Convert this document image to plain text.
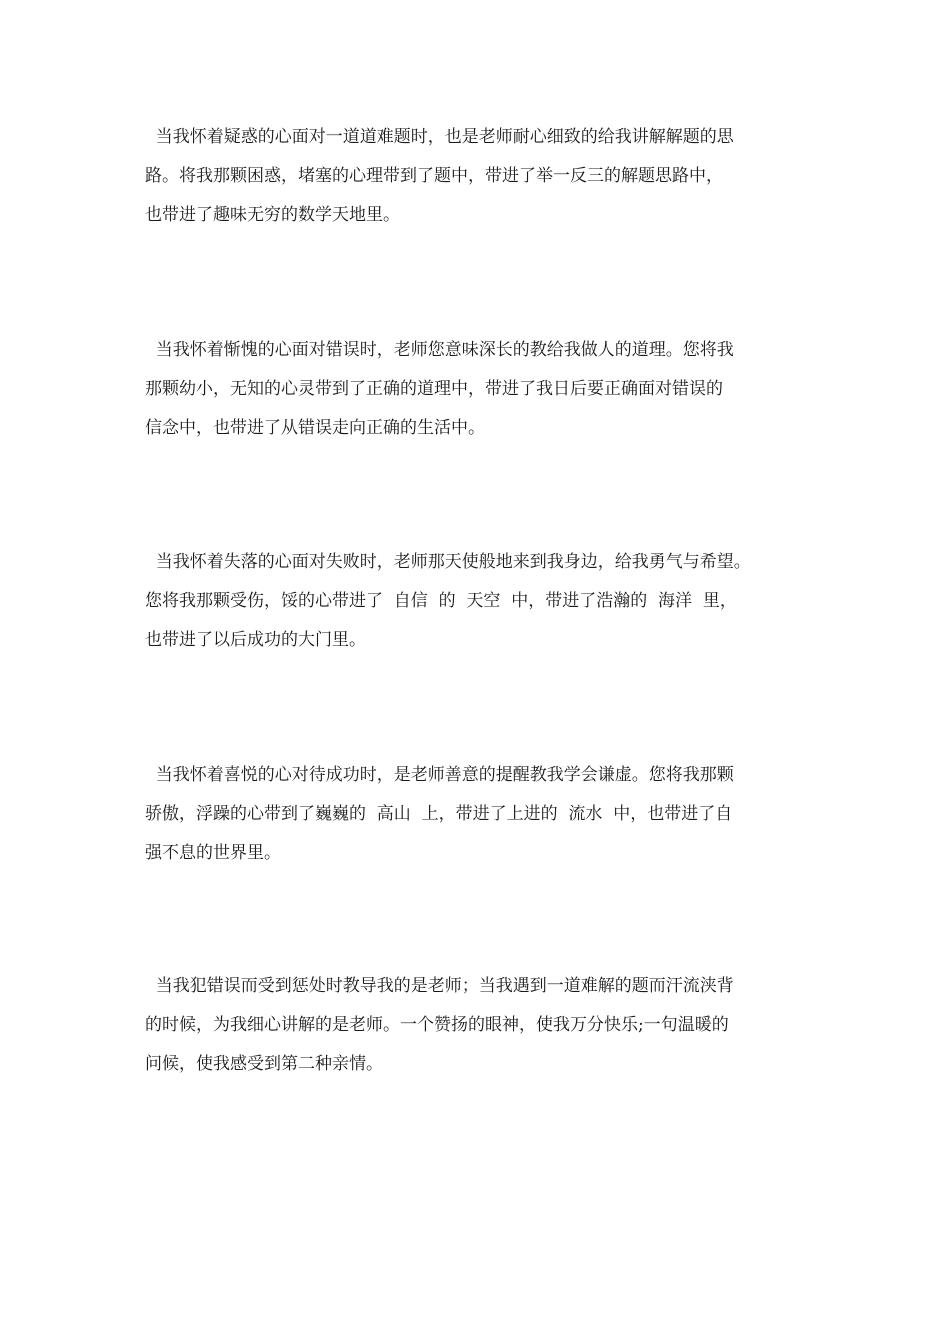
当我怀着疑惑的心面对一道道难题时，也是老师耐心细致的给我讲解解题的思
路。将我那颗困惑，堵塞的心理带到了题中，带进了举一反三的解题思路中，
也带进了趣味无穷的数学天地里。
当我怀着惭愧的心面对错误时，老师您意味深长的教给我做人的道理。您将我
那颗幼小，无知的心灵带到了正确的道理中，带进了我日后要正确面对错误的
信念中，也带进了从错误走向正确的生活中。
当我怀着失落的心面对失败时，老师那天使般地来到我身边，给我勇气与希望。
您将我那颗受伤，馁的心带进了  自信  的  天空  中，带进了浩瀚的  海洋  里，
也带进了以后成功的大门里。
当我怀着喜悦的心对待成功时，是老师善意的提醒教我学会谦虚。您将我那颗
骄傲，浮躁的心带到了巍巍的  高山  上，带进了上进的  流水  中，也带进了自
强不息的世界里。
当我犯错误而受到惩处时教导我的是老师；当我遇到一道难解的题而汗流浃背
的时候，为我细心讲解的是老师。一个赞扬的眼神，使我万分快乐;一句温暖的
问候，使我感受到第二种亲情。
